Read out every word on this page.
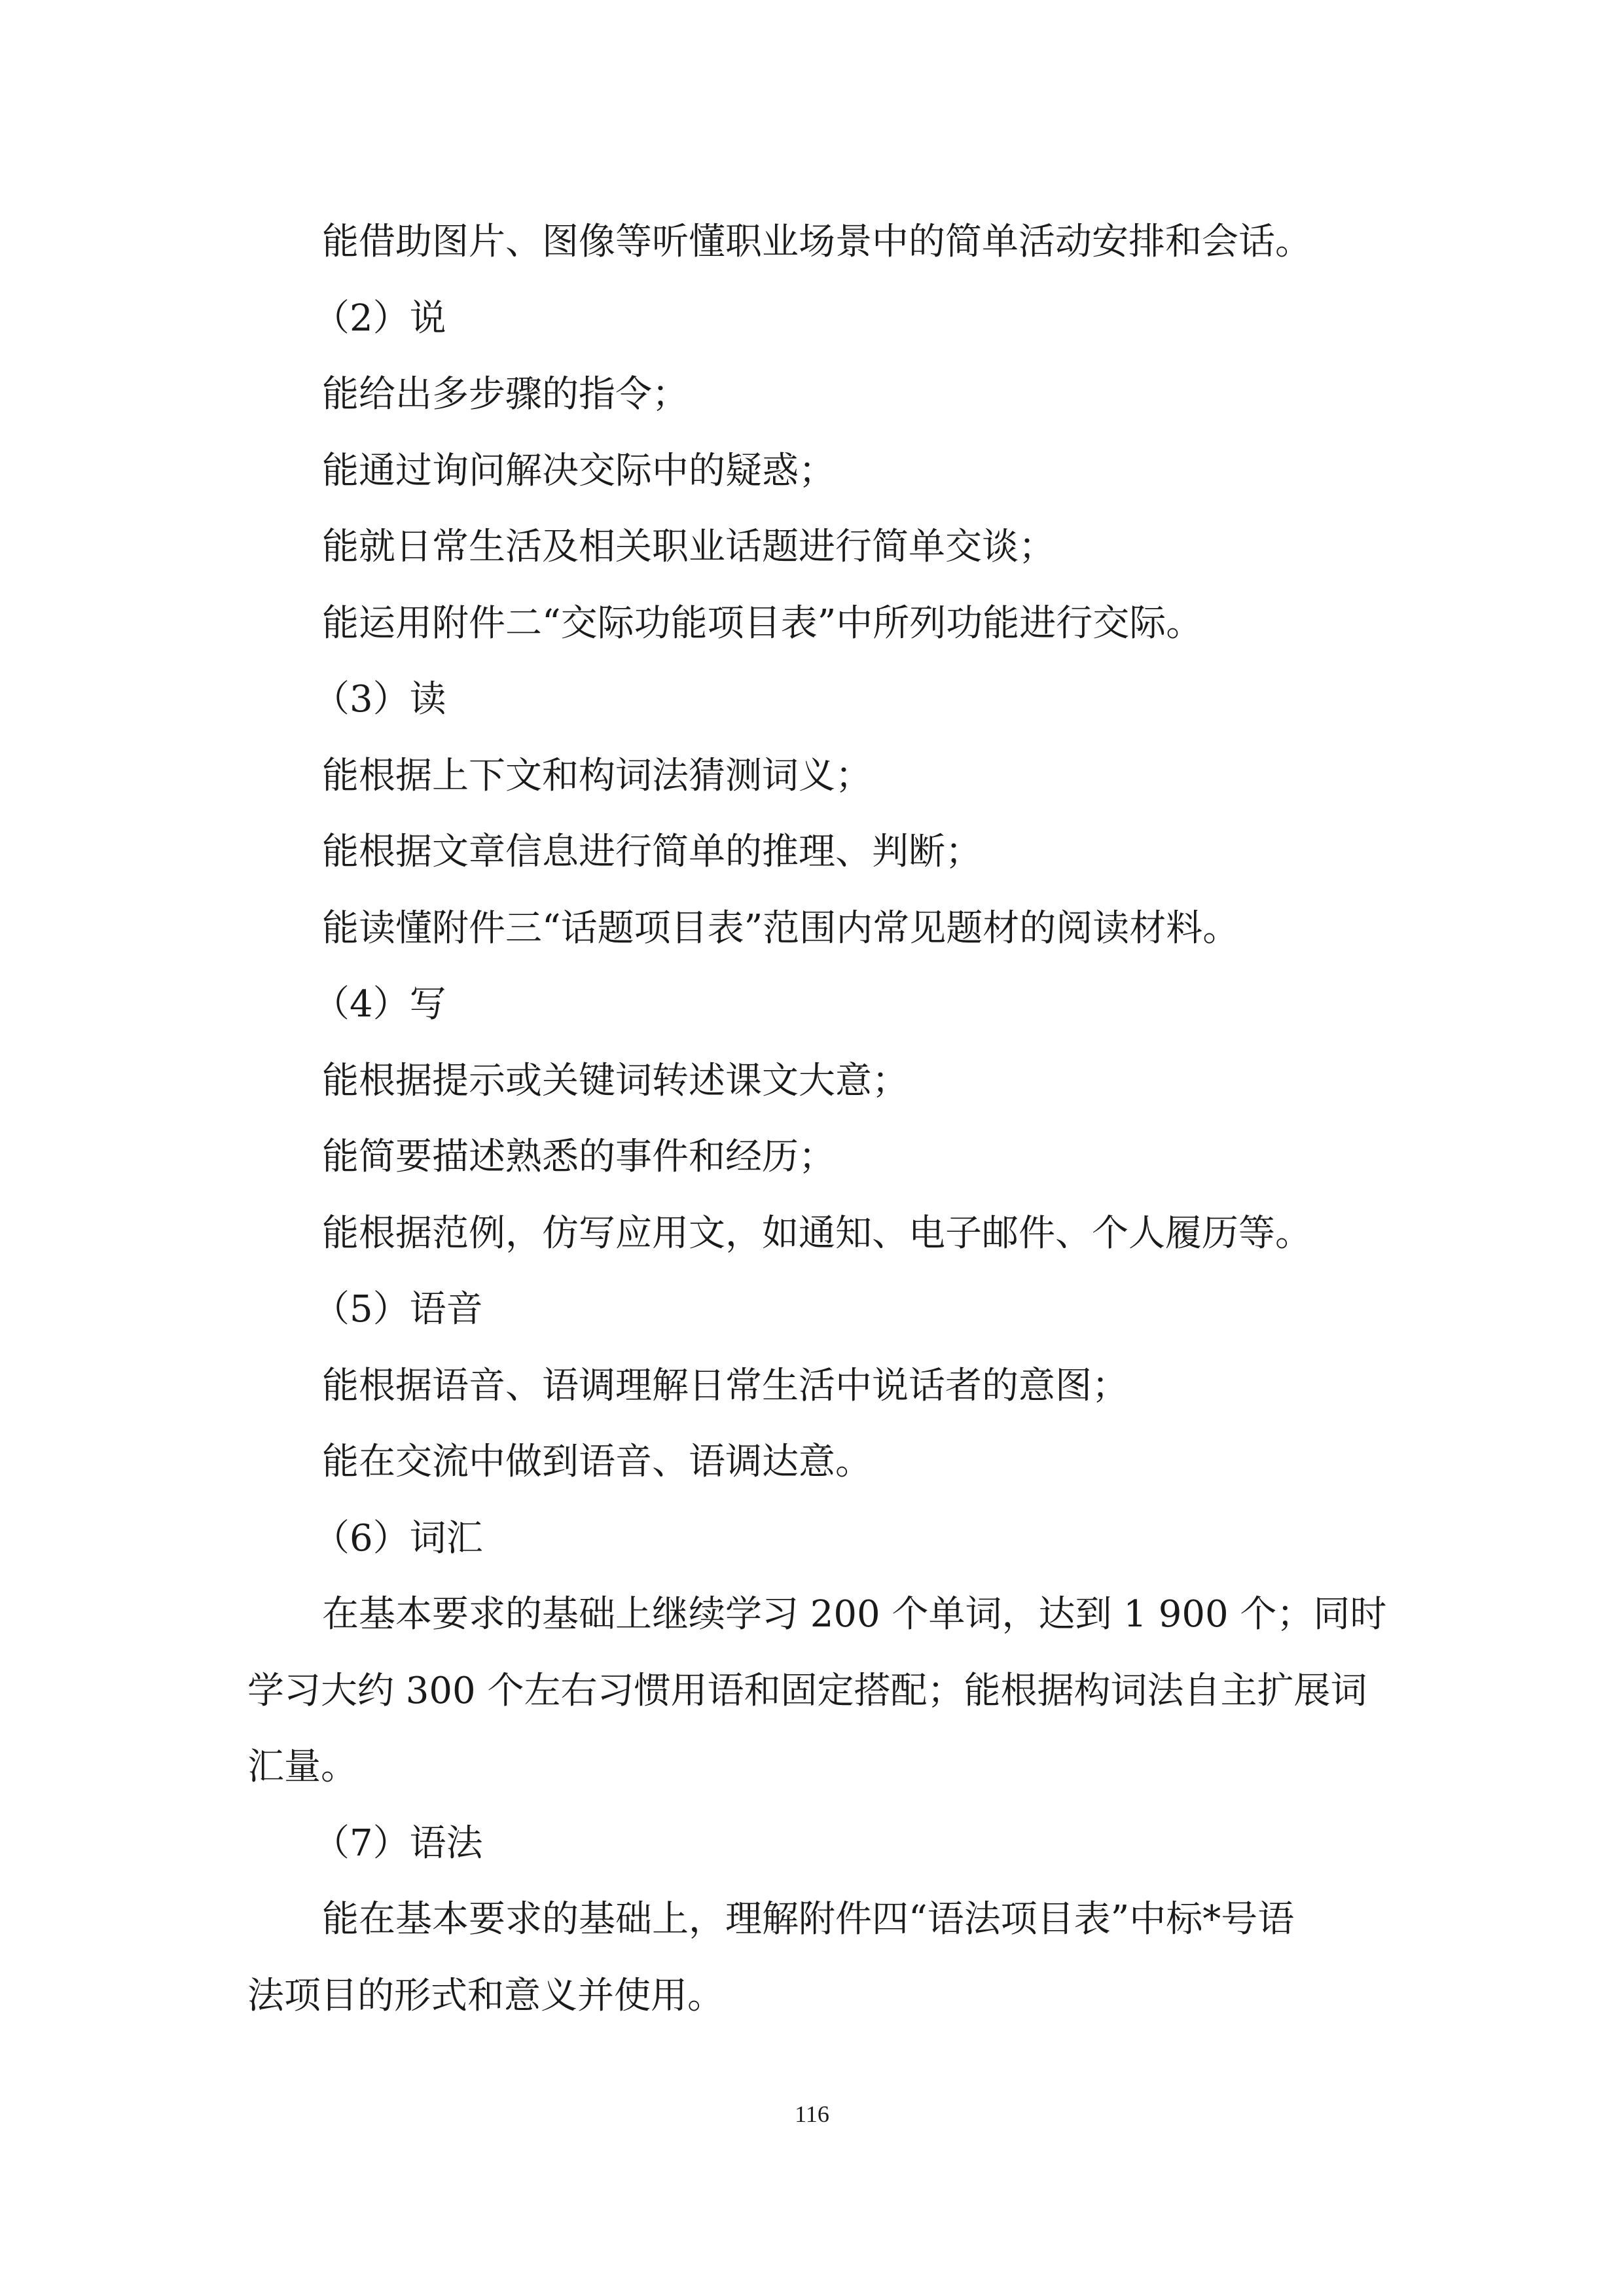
能借助图片、图像等听懂职业场景中的简单活动安排和会话。

（2）说

能给出多步骤的指令；

能通过询问解决交际中的疑惑；

能就日常生活及相关职业话题进行简单交谈；

能运用附件二“交际功能项目表”中所列功能进行交际。

（3）读

能根据上下文和构词法猜测词义；

能根据文章信息进行简单的推理、判断；

能读懂附件三“话题项目表”范围内常见题材的阅读材料。

（4）写

能根据提示或关键词转述课文大意；

能简要描述熟悉的事件和经历；

能根据范例，仿写应用文，如通知、电子邮件、个人履历等。

（5）语音

能根据语音、语调理解日常生活中说话者的意图；

能在交流中做到语音、语调达意。

（6）词汇

在基本要求的基础上继续学习 200 个单词，达到 1 900 个；同时

学习大约 300 个左右习惯用语和固定搭配；能根据构词法自主扩展词

汇量。

（7）语法

能在基本要求的基础上，理解附件四“语法项目表”中标*号语

法项目的形式和意义并使用。

116
